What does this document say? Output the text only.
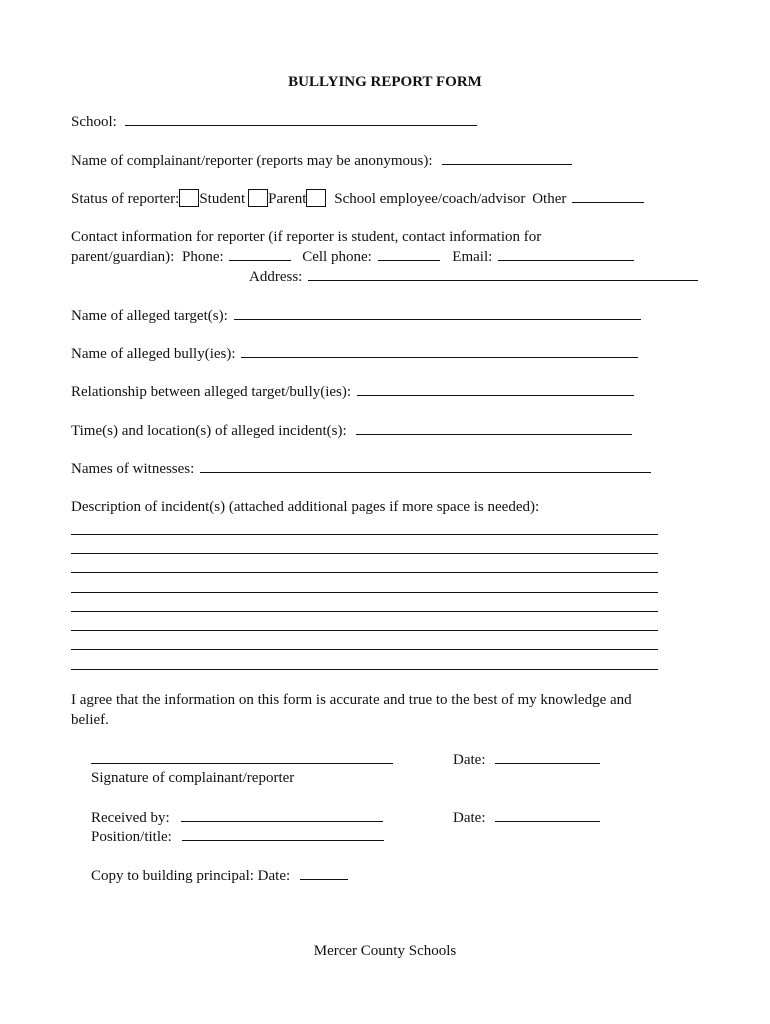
BULLYING REPORT FORM
School:
Name of complainant/reporter (reports may be anonymous):
Status of reporter: Student Parent School employee/coach/advisor Other
Contact information for reporter (if reporter is student, contact information for
parent/guardian): Phone:	Cell phone:	Email:
Address:
Name of alleged target(s):
Name of alleged bully(ies):
Relationship between alleged target/bully(ies):
Time(s) and location(s) of alleged incident(s):
Names of witnesses:
Description of incident(s) (attached additional pages if more space is needed):
I agree that the information on this form is accurate and true to the best of my knowledge and
belief.
Date:
Signature of complainant/reporter
Received by:	Date:
Position/title:
Copy to building principal: Date:
Mercer County Schools
